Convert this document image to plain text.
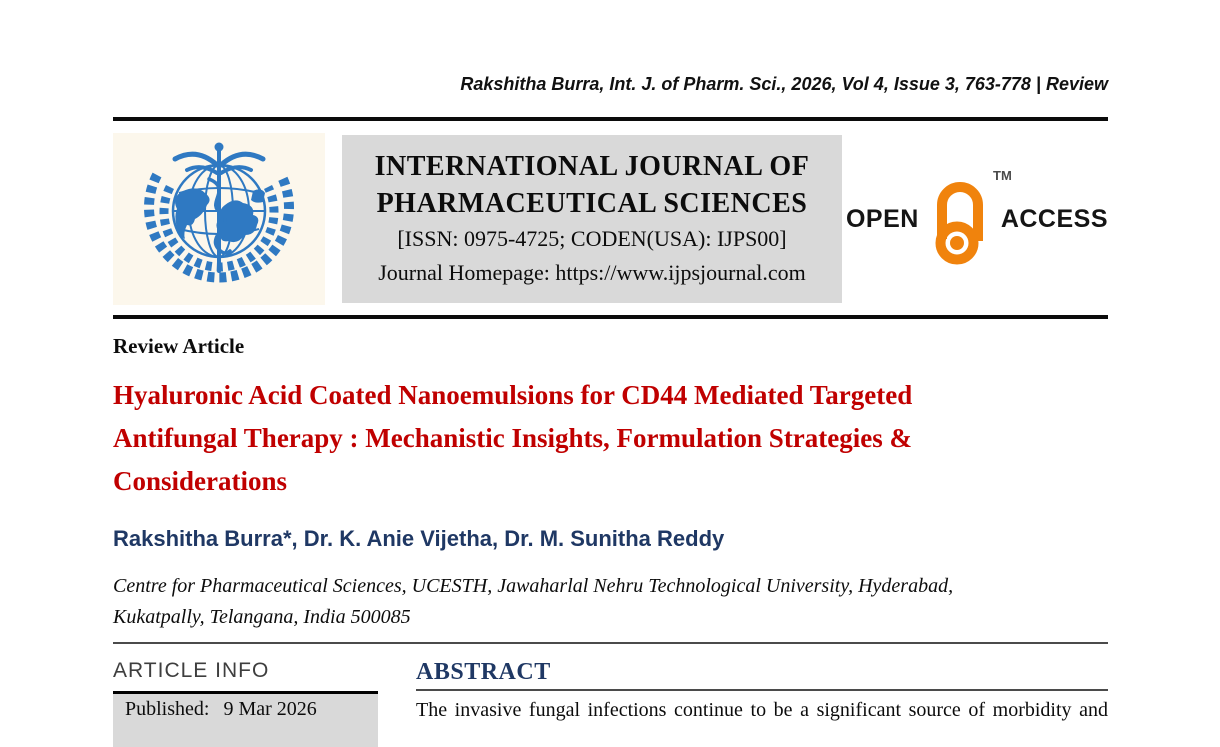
Rakshitha Burra, Int. J. of Pharm. Sci., 2026, Vol 4, Issue 3, 763-778 | Review
INTERNATIONAL JOURNAL OF
PHARMACEUTICAL SCIENCES
[ISSN: 0975-4725; CODEN(USA): IJPS00]
Journal Homepage: https://www.ijpsjournal.com
OPEN
TM
ACCESS
Review Article
Hyaluronic Acid Coated Nanoemulsions for CD44 Mediated Targeted
Antifungal Therapy : Mechanistic Insights, Formulation Strategies &
Considerations
Rakshitha Burra*, Dr. K. Anie Vijetha, Dr. M. Sunitha Reddy
Centre for Pharmaceutical Sciences, UCESTH, Jawaharlal Nehru Technological University, Hyderabad, Kukatpally, Telangana, India 500085
ARTICLE INFO
Published: 9 Mar 2026
ABSTRACT
The invasive fungal infections continue to be a significant source of morbidity and
